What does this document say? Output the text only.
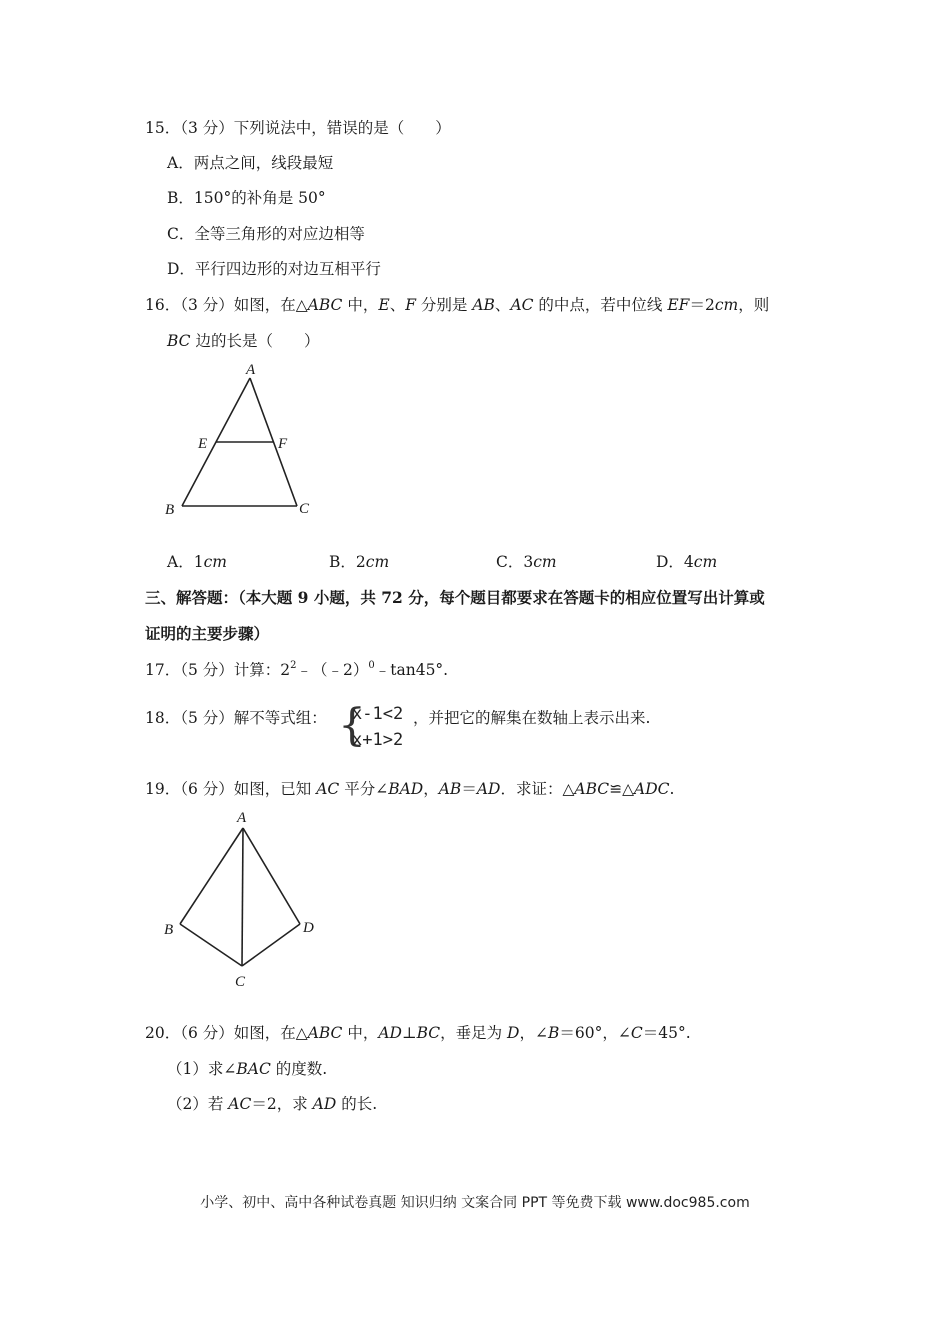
15．（3 分）下列说法中，错误的是（　　）
A．两点之间，线段最短
B．150°的补角是 50°
C．全等三角形的对应边相等
D．平行四边形的对边互相平行
16．（3 分）如图，在△ABC 中，E、F 分别是 AB、AC 的中点，若中位线 EF＝2cm，则
BC 边的长是（　　）
A
E	F
B	C
A．1cm	B．2cm	C．3cm	D．4cm
三、解答题：（本大题 9 小题，共 72 分，每个题目都要求在答题卡的相应位置写出计算或
证明的主要步骤）
17．（5 分）计算：$2^2﹣(﹣2)^0﹣\tan 45^\circ$.
18．（5 分）解不等式组： {
x-1<2
x+1>2
，并把它的解集在数轴上表示出来.
19．（6 分）如图，已知 AC 平分∠BAD，AB＝AD．求证：△ABC≌△ADC.
A
B
C
D
20．（6 分）如图，在△ABC 中，AD⊥BC，垂足为 D，∠B＝60°，∠C＝45°.
（1）求∠BAC 的度数.
（2）若 AC＝2，求 AD 的长.
小学、初中、高中各种试卷真题 知识归纳 文案合同 PPT 等免费下载 www.doc985.com
